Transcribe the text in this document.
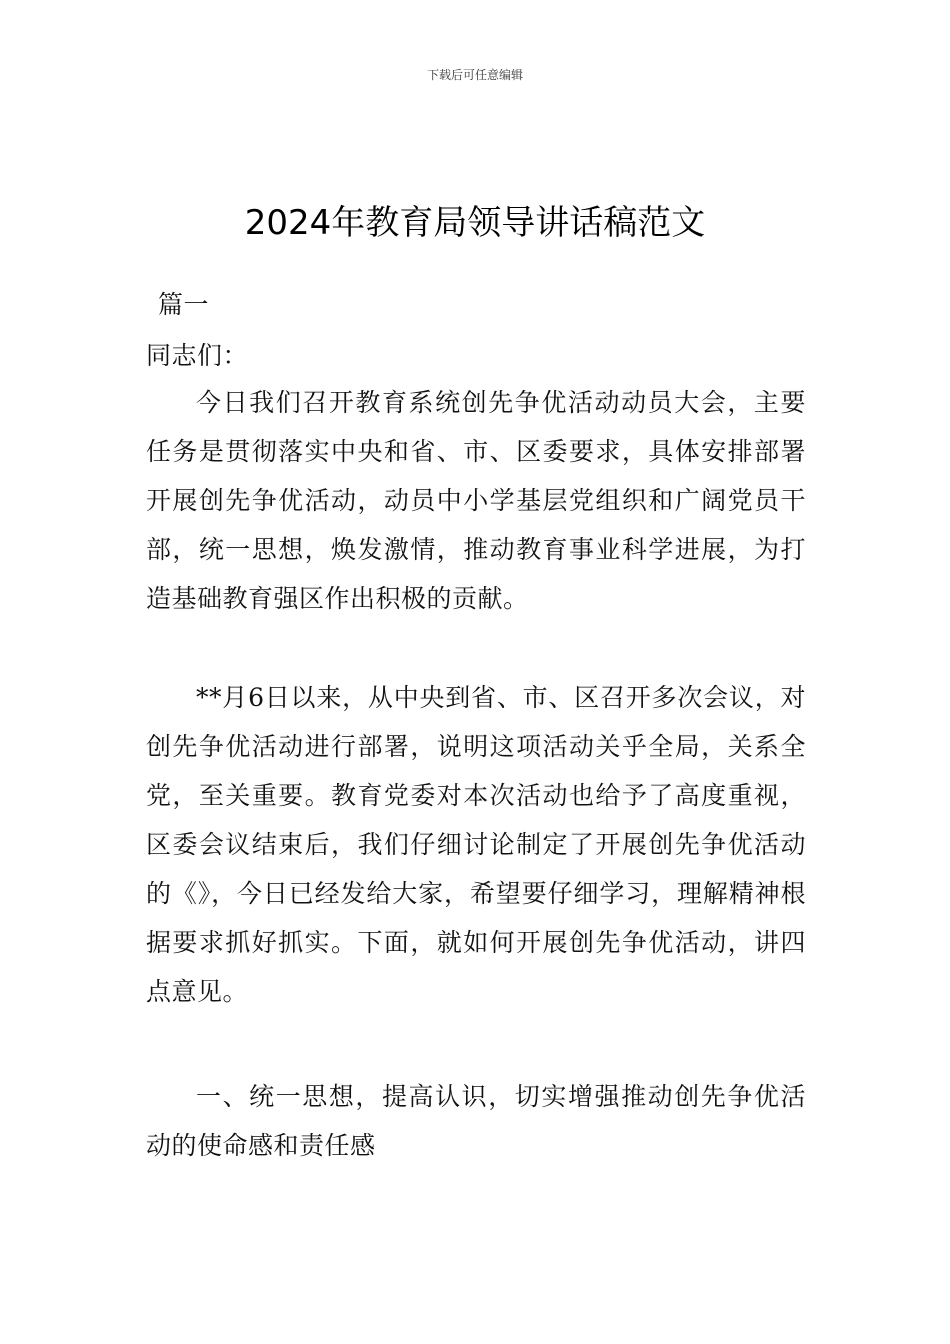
下载后可任意编辑
2024年教育局领导讲话稿范文
篇一
同志们：

今日我们召开教育系统创先争优活动动员大会，主要任务是贯彻落实中央和省、市、区委要求，具体安排部署开展创先争优活动，动员中小学基层党组织和广阔党员干部，统一思想，焕发激情，推动教育事业科学进展，为打造基础教育强区作出积极的贡献。

**月6日以来，从中央到省、市、区召开多次会议，对创先争优活动进行部署，说明这项活动关乎全局，关系全党，至关重要。教育党委对本次活动也给予了高度重视，区委会议结束后，我们仔细讨论制定了开展创先争优活动的《》，今日已经发给大家，希望要仔细学习，理解精神根据要求抓好抓实。下面，就如何开展创先争优活动，讲四点意见。

一、统一思想，提高认识，切实增强推动创先争优活动的使命感和责任感
